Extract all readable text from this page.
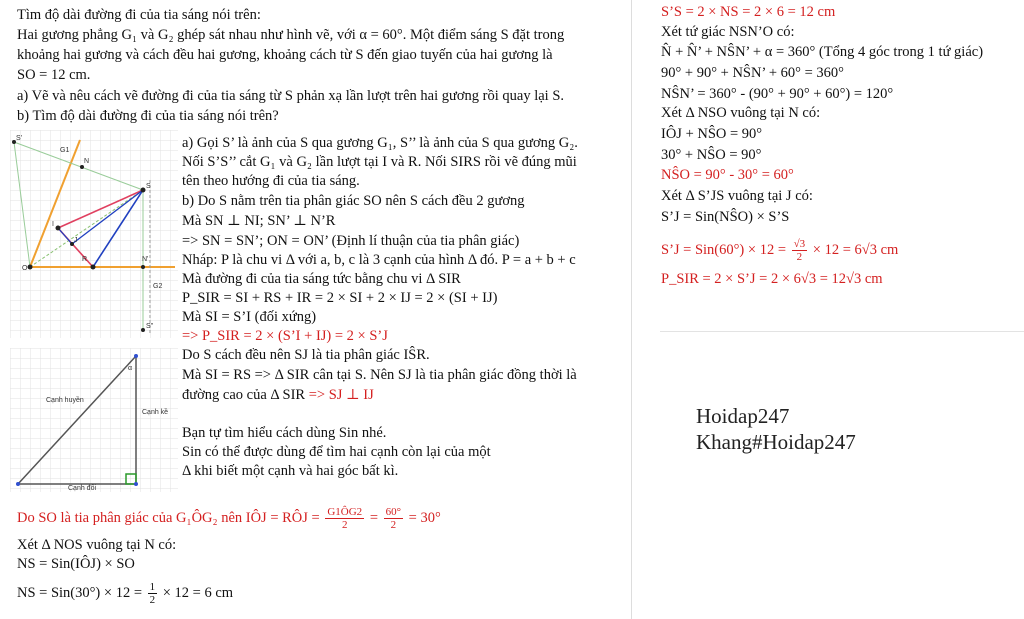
Tìm độ dài đường đi của tia sáng nói trên:
Hai gương phẳng G₁ và G₂ ghép sát nhau như hình vẽ, với α = 60°. Một điểm sáng S đặt trong
khoảng hai gương và cách đều hai gương, khoảng cách từ S đến giao tuyến của hai gương là
SO = 12 cm.
a) Vẽ và nêu cách vẽ đường đi của tia sáng từ S phản xạ lần lượt trên hai gương rồi quay lại S.
b) Tìm độ dài đường đi của tia sáng nói trên?
G1
N
S
I
R
J
O
N'
G2
S'
S''
a) Gọi S’ là ảnh của S qua gương G₁, S’’ là ảnh của S qua gương G₂.
Nối S’S’’ cắt G₁ và G₂ lần lượt tại I và R. Nối SIRS rồi vẽ đúng mũi
tên theo hướng đi của tia sáng.
b) Do S nằm trên tia phân giác SO nên S cách đều 2 gương
Mà SN ⊥ NI; SN’ ⊥ N’R
=> SN = SN’; ON = ON’ (Định lí thuận của tia phân giác)
Nháp: P là chu vi Δ với a, b, c là 3 cạnh của hình Δ đó. P = a + b + c
Mà đường đi của tia sáng tức bằng chu vi Δ SIR
P_SIR = SI + RS + IR = 2 × SI + 2 × IJ = 2 × (SI + IJ)
Mà SI = S’I (đối xứng)
=> P_SIR = 2 × (S’I + IJ) = 2 × S’J
Cạnh huyền
Cạnh kề
Cạnh đối
α
Do S cách đều nên SJ là tia phân giác IŜR.
Mà SI = RS => Δ SIR cân tại S. Nên SJ là tia phân giác đồng thời là
đường cao của Δ SIR => SJ ⊥ IJ
Bạn tự tìm hiểu cách dùng Sin nhé.
Sin có thể được dùng để tìm hai cạnh còn lại của một
Δ khi biết một cạnh và hai góc bất kì.
Do SO là tia phân giác của G₁ÔG₂ nên IÔJ = RÔJ = $\frac{G1ÔG2}{2} = \frac{60^\circ}{2} = 30^\circ$
Xét Δ NOS vuông tại N có:
NS = Sin(IÔJ) × SO
NS = $Sin(30^\circ) \times 12 = \frac{1}{2} \times 12 = 6$ cm
S’S = 2 × NS = 2 × 6 = 12 cm
Xét tứ giác NSN’O có:
N̂ + N̂’ + NŜN’ + α = 360° (Tổng 4 góc trong 1 tứ giác)
90° + 90° + NŜN’ + 60° = 360°
NŜN’ = 360° - (90° + 90° + 60°) = 120°
Xét Δ NSO vuông tại N có:
IÔJ + NŜO = 90°
30° + NŜO = 90°
NŜO = 90° - 30° = 60°
Xét Δ S’JS vuông tại J có:
S’J = Sin(NŜO) × S’S
S’J = $Sin(60^\circ) \times 12 = \frac{√3}{2} \times 12 = 6√3$ cm
P_SIR = 2 × S’J = 2 × 6√3 = 12√3 cm
Hoidap247
Khang#Hoidap247
